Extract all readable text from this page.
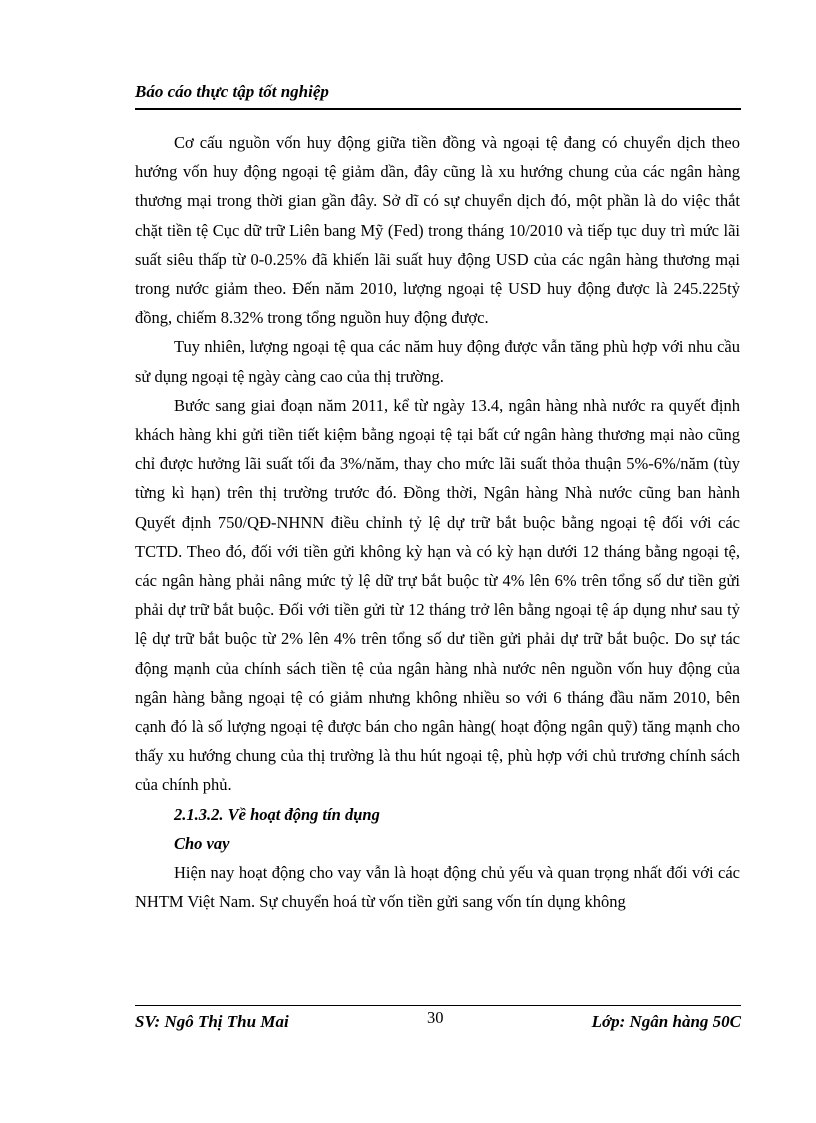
Báo cáo thực tập tốt nghiệp

Cơ cấu nguồn vốn huy động giữa tiền đồng và ngoại tệ đang có chuyển dịch theo hướng vốn huy động ngoại tệ giảm dần, đây cũng là xu hướng chung của các ngân hàng thương mại trong thời gian gần đây. Sở dĩ có sự chuyển dịch đó, một phần là do việc thắt chặt tiền tệ Cục dữ trữ Liên bang Mỹ (Fed) trong tháng 10/2010 và tiếp tục duy trì mức lãi suất siêu thấp từ 0-0.25% đã khiến lãi suất huy động USD của các ngân hàng thương mại trong nước giảm theo. Đến năm 2010, lượng ngoại tệ USD huy động được là 245.225tỷ đồng, chiếm 8.32% trong tổng nguồn huy động được.

Tuy nhiên, lượng ngoại tệ qua các năm huy động được vẫn tăng phù hợp với nhu cầu sử dụng ngoại tệ ngày càng cao của thị trường.

Bước sang giai đoạn năm 2011, kể từ ngày 13.4, ngân hàng nhà nước ra quyết định khách hàng khi gửi tiền tiết kiệm bằng ngoại tệ tại bất cứ ngân hàng thương mại nào cũng chỉ được hưởng lãi suất tối đa 3%/năm, thay cho mức lãi suất thỏa thuận 5%-6%/năm (tùy từng kì hạn) trên thị trường trước đó. Đồng thời, Ngân hàng Nhà nước cũng ban hành Quyết định 750/QĐ-NHNN điều chỉnh tỷ lệ dự trữ bắt buộc bằng ngoại tệ đối với các TCTD. Theo đó, đối với tiền gửi không kỳ hạn và có kỳ hạn dưới 12 tháng bằng ngoại tệ, các ngân hàng phải nâng mức tỷ lệ dữ trự bắt buộc từ 4% lên 6% trên tổng số dư tiền gửi phải dự trữ bắt buộc. Đối với tiền gửi từ 12 tháng trở lên bằng ngoại tệ áp dụng như sau tỷ lệ dự trữ bắt buộc từ 2% lên 4% trên tổng số dư tiền gửi phải dự trữ bắt buộc. Do sự tác động mạnh của chính sách tiền tệ của ngân hàng nhà nước nên nguồn vốn huy động của ngân hàng bằng ngoại tệ có giảm nhưng không nhiều so với 6 tháng đầu năm 2010, bên cạnh đó là số lượng ngoại tệ được bán cho ngân hàng( hoạt động ngân quỹ) tăng mạnh cho thấy xu hướng chung của thị trường là thu hút ngoại tệ, phù hợp với chủ trương chính sách của chính phủ.

2.1.3.2. Về hoạt động tín dụng

Cho vay

Hiện nay hoạt động cho vay vẫn là hoạt động chủ yếu và quan trọng nhất đối với các NHTM Việt Nam. Sự chuyển hoá từ vốn tiền gửi sang vốn tín dụng không

SV: Ngô Thị Thu Mai	30	Lớp: Ngân hàng 50C
